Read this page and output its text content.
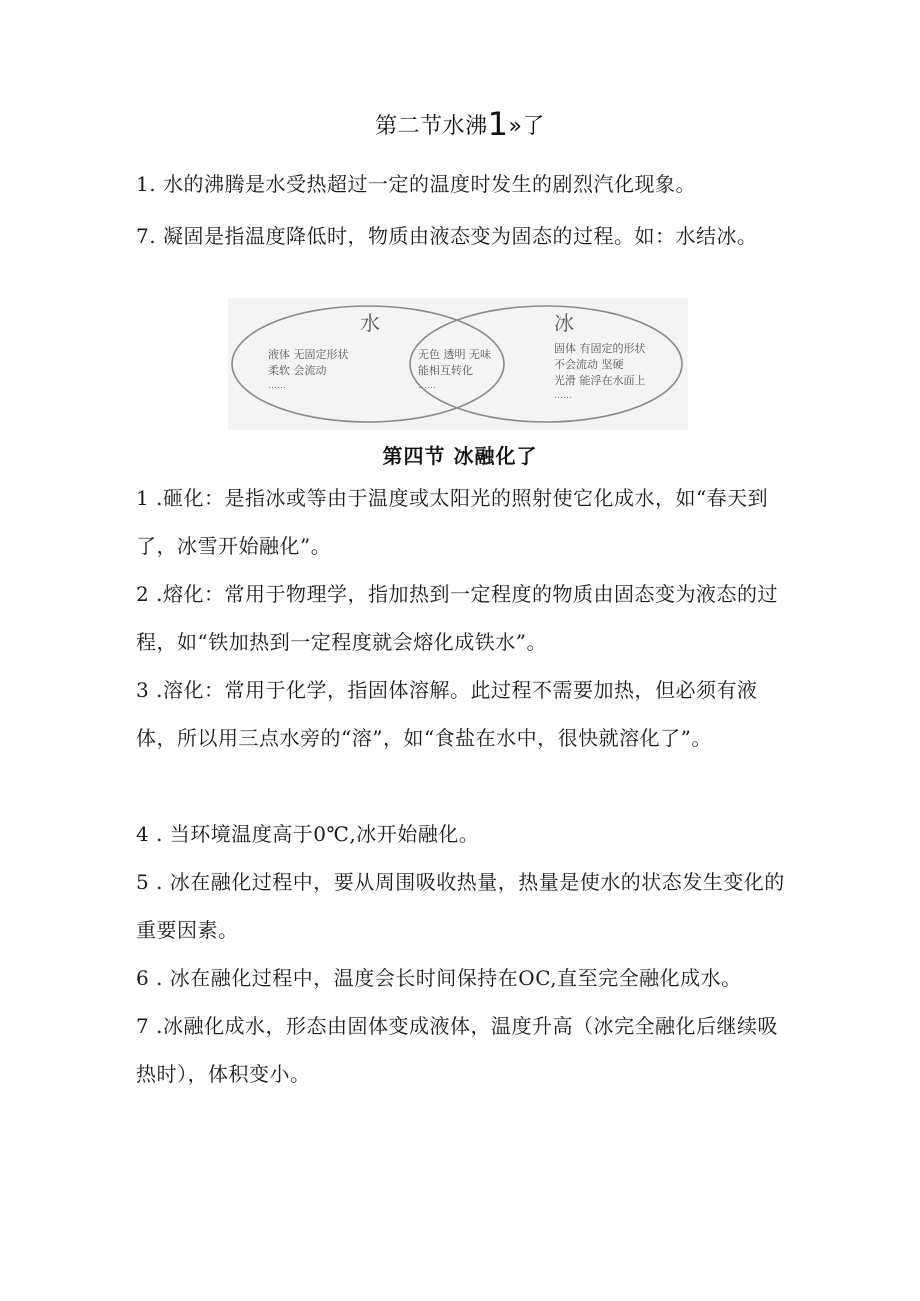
第二节水沸1»了

1. 水的沸腾是水受热超过一定的温度时发生的剧烈汽化现象。

7. 凝固是指温度降低时，物质由液态变为固态的过程。如：水结冰。

水	冰
液体 无固定形状
柔软 会流动
……
无色 透明 无味
能相互转化
……
固体 有固定的形状
不会流动 坚硬
光滑 能浮在水面上
……
第四节 冰融化了

1 .砸化：是指冰或等由于温度或太阳光的照射使它化成水，如“春天到了，冰雪开始融化”。

2 .熔化：常用于物理学，指加热到一定程度的物质由固态变为液态的过程，如“铁加热到一定程度就会熔化成铁水”。

3 .溶化：常用于化学，指固体溶解。此过程不需要加热，但必须有液体，所以用三点水旁的“溶”，如“食盐在水中，很快就溶化了”。

4 . 当环境温度高于0℃,冰开始融化。

5 . 冰在融化过程中，要从周围吸收热量，热量是使水的状态发生变化的重要因素。

6 . 冰在融化过程中，温度会长时间保持在OC,直至完全融化成水。

7 .冰融化成水，形态由固体变成液体，温度升高（冰完全融化后继续吸热时），体积变小。
